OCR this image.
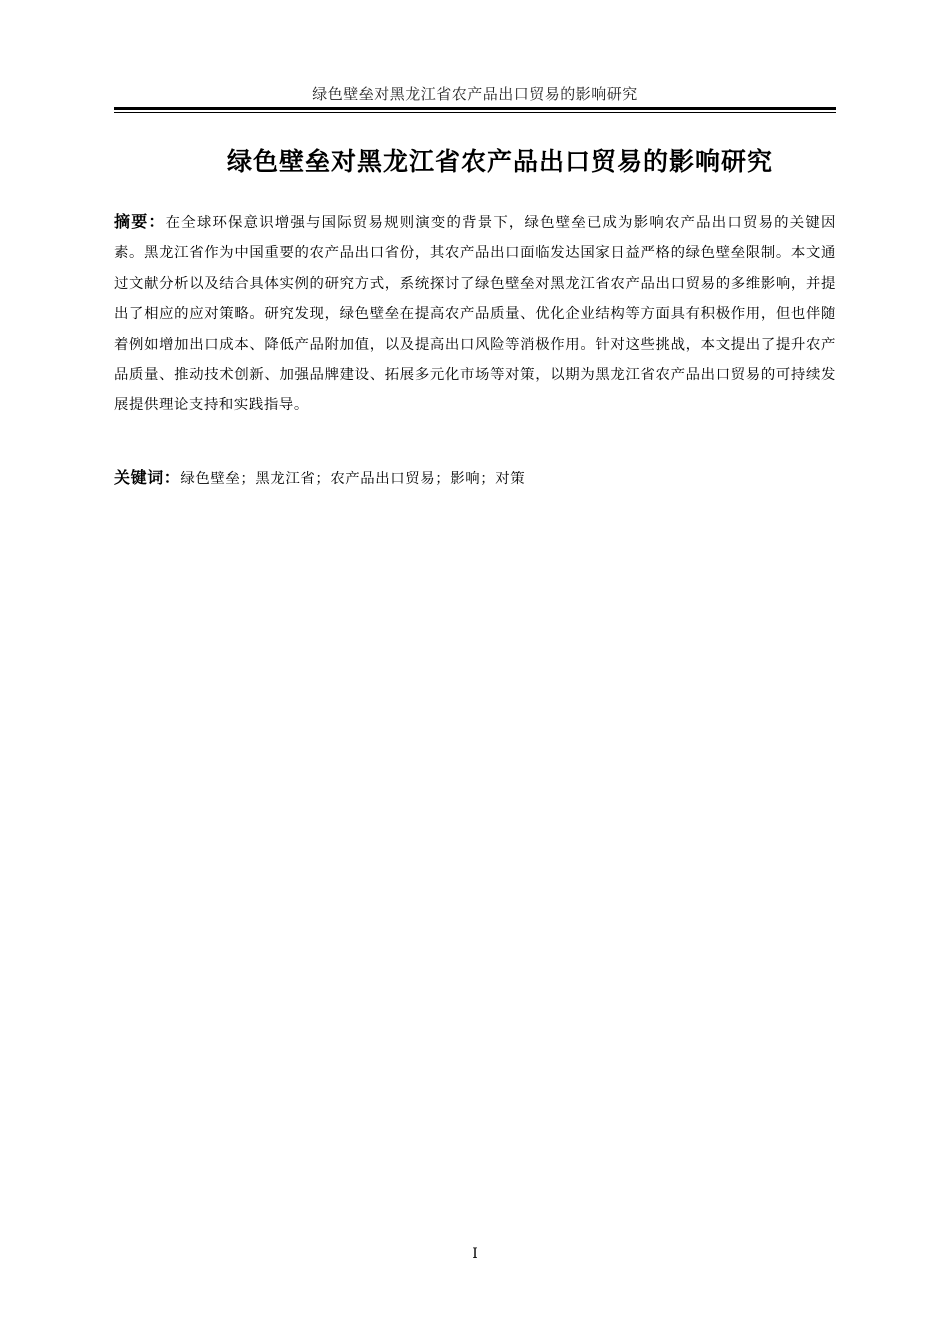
绿色壁垒对黑龙江省农产品出口贸易的影响研究
绿色壁垒对黑龙江省农产品出口贸易的影响研究
摘要：在全球环保意识增强与国际贸易规则演变的背景下，绿色壁垒已成为影响农产品出口贸易的关键因素。黑龙江省作为中国重要的农产品出口省份，其农产品出口面临发达国家日益严格的绿色壁垒限制。本文通过文献分析以及结合具体实例的研究方式，系统探讨了绿色壁垒对黑龙江省农产品出口贸易的多维影响，并提出了相应的应对策略。研究发现，绿色壁垒在提高农产品质量、优化企业结构等方面具有积极作用，但也伴随着例如增加出口成本、降低产品附加值，以及提高出口风险等消极作用。针对这些挑战，本文提出了提升农产品质量、推动技术创新、加强品牌建设、拓展多元化市场等对策，以期为黑龙江省农产品出口贸易的可持续发展提供理论支持和实践指导。
关键词：绿色壁垒；黑龙江省；农产品出口贸易；影响；对策
I
